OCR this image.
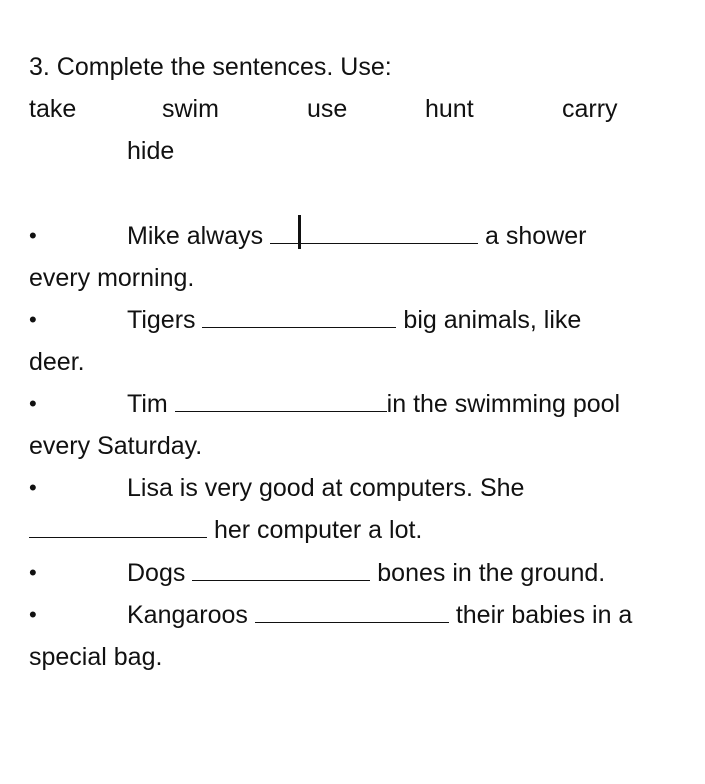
3. Complete the sentences. Use:
take	swim	use	hunt	carry
hide
•	Mike always	a shower
every morning.
•	Tigers	big animals, like
deer.
•	Tim	in the swimming pool
every Saturday.
•	Lisa is very good at computers. She
her computer a lot.
•	Dogs	bones in the ground.
•	Kangaroos	their babies in a
special bag.
